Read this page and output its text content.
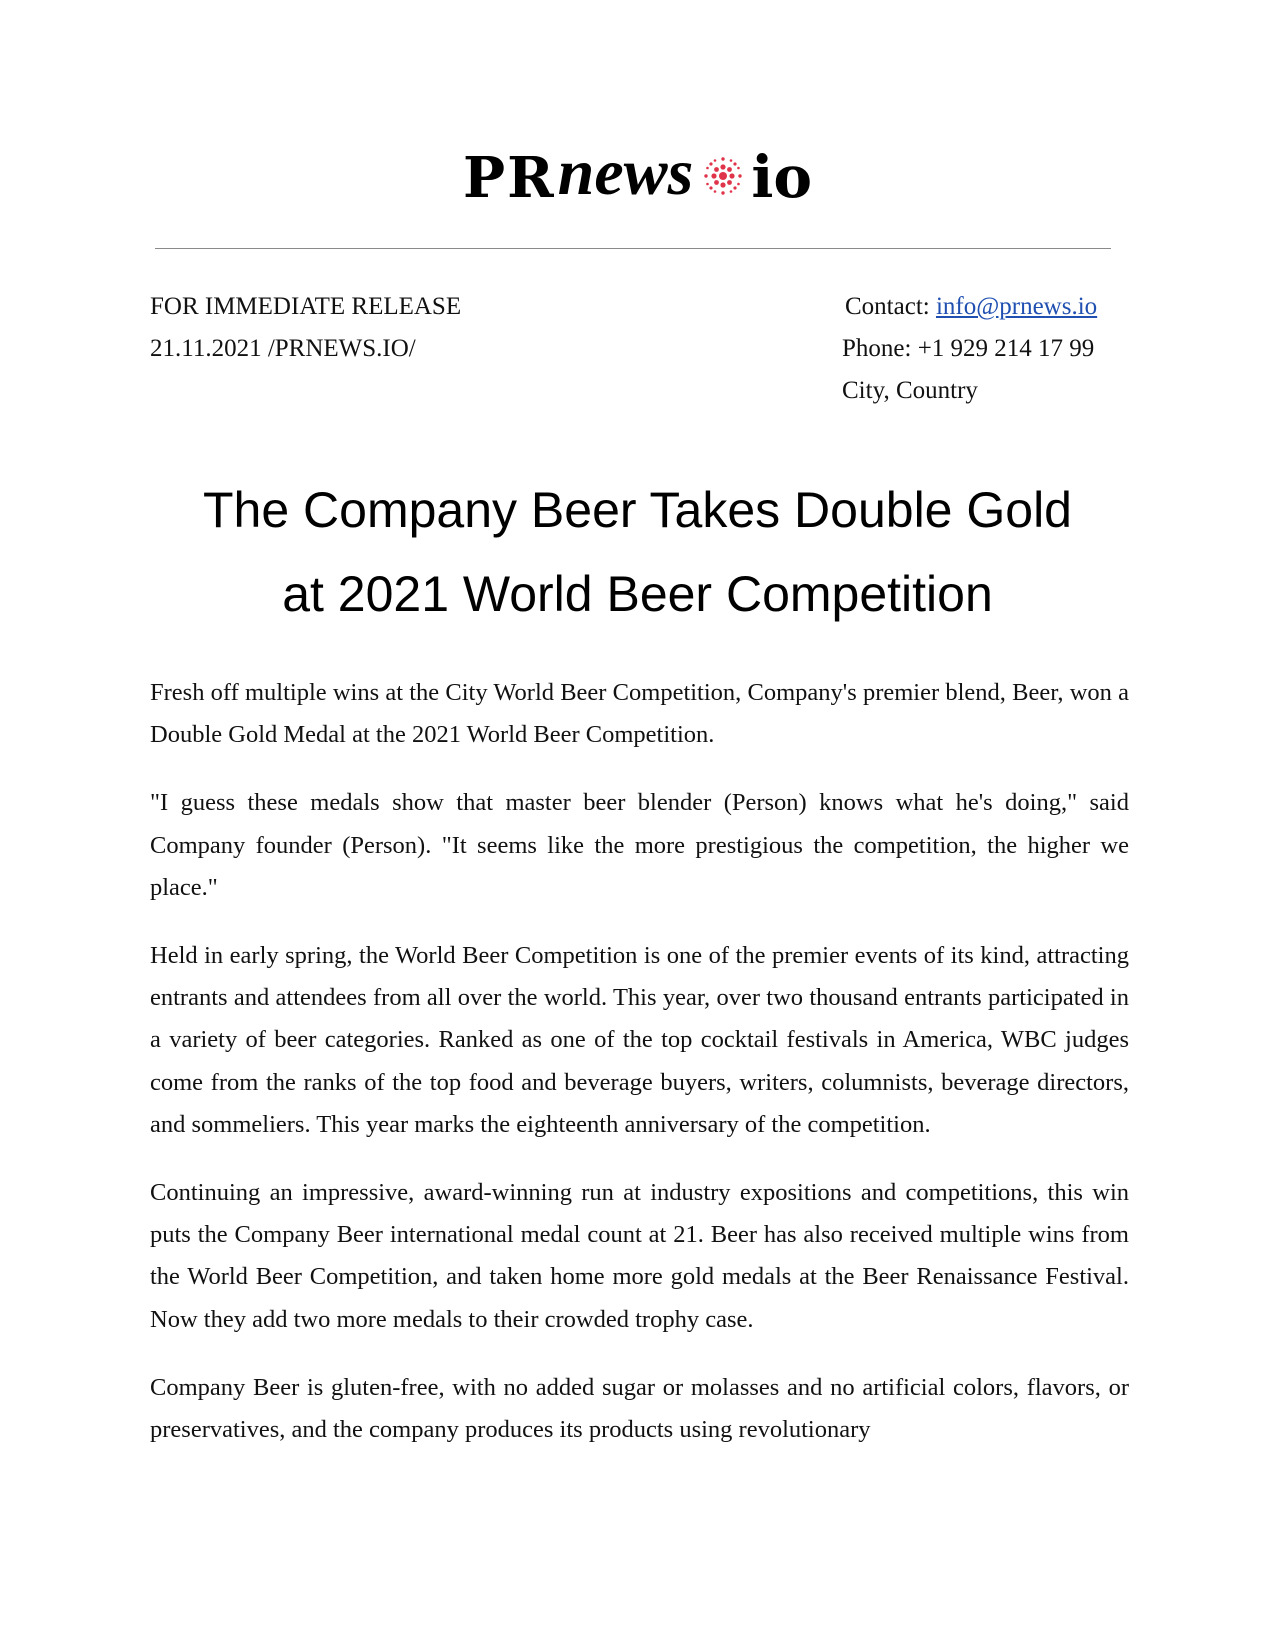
PR news io
FOR IMMEDIATE RELEASE
21.11.2021 /PRNEWS.IO/
Contact: info@prnews.io
Phone: +1 929 214 17 99
City, Country
The Company Beer Takes Double Gold
at 2021 World Beer Competition

Fresh off multiple wins at the City World Beer Competition, Company's premier blend, Beer, won a Double Gold Medal at the 2021 World Beer Competition.

"I guess these medals show that master beer blender (Person) knows what he's doing," said Company founder (Person). "It seems like the more prestigious the competition, the higher we place."

Held in early spring, the World Beer Competition is one of the premier events of its kind, attracting entrants and attendees from all over the world. This year, over two thousand entrants participated in a variety of beer categories. Ranked as one of the top cocktail festivals in America, WBC judges come from the ranks of the top food and beverage buyers, writers, columnists, beverage directors, and sommeliers. This year marks the eighteenth anniversary of the competition.

Continuing an impressive, award-winning run at industry expositions and competitions, this win puts the Company Beer international medal count at 21. Beer has also received multiple wins from the World Beer Competition, and taken home more gold medals at the Beer Renaissance Festival. Now they add two more medals to their crowded trophy case.

Company Beer is gluten-free, with no added sugar or molasses and no artificial colors, flavors, or preservatives, and the company produces its products using revolutionary
